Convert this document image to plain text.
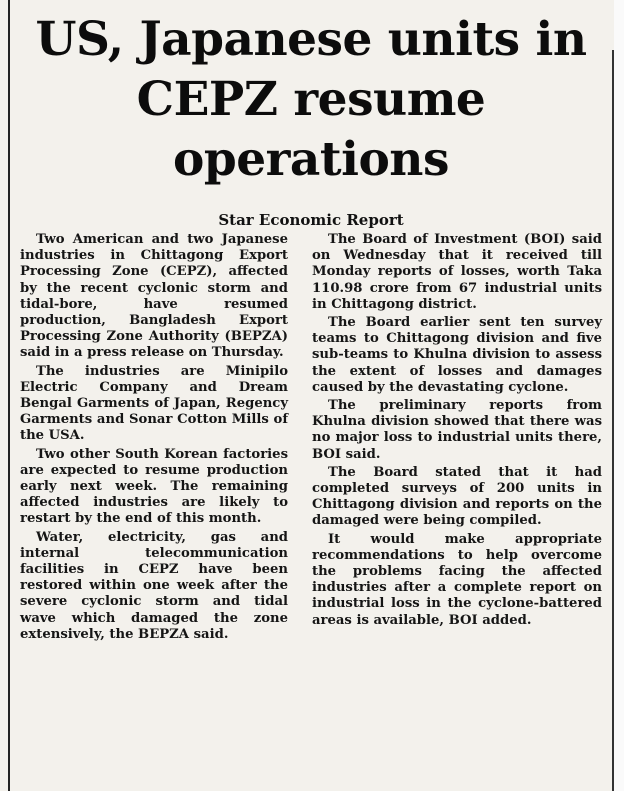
US, Japanese units in CEPZ resume operations
Star Economic Report

Two American and two Japanese industries in Chittagong Export Processing Zone (CEPZ), affected by the recent cyclonic storm and tidal-bore, have resumed production, Bangladesh Export Processing Zone Authority (BEPZA) said in a press release on Thursday.

The industries are Minipilo Electric Company and Dream Bengal Garments of Japan, Regency Garments and Sonar Cotton Mills of the USA.

Two other South Korean factories are expected to resume production early next week. The remaining affected industries are likely to restart by the end of this month.

Water, electricity, gas and internal telecommunication facilities in CEPZ have been restored within one week after the severe cyclonic storm and tidal wave which damaged the zone extensively, the BEPZA said.

The Board of Investment (BOI) said on Wednesday that it received till Monday reports of losses, worth Taka 110.98 crore from 67 industrial units in Chittagong district.

The Board earlier sent ten survey teams to Chittagong division and five sub-teams to Khulna division to assess the extent of losses and damages caused by the devastating cyclone.

The preliminary reports from Khulna division showed that there was no major loss to industrial units there, BOI said.

The Board stated that it had completed surveys of 200 units in Chittagong division and reports on the damaged were being compiled.

It would make appropriate recommendations to help overcome the problems facing the affected industries after a complete report on industrial loss in the cyclone-battered areas is available, BOI added.
